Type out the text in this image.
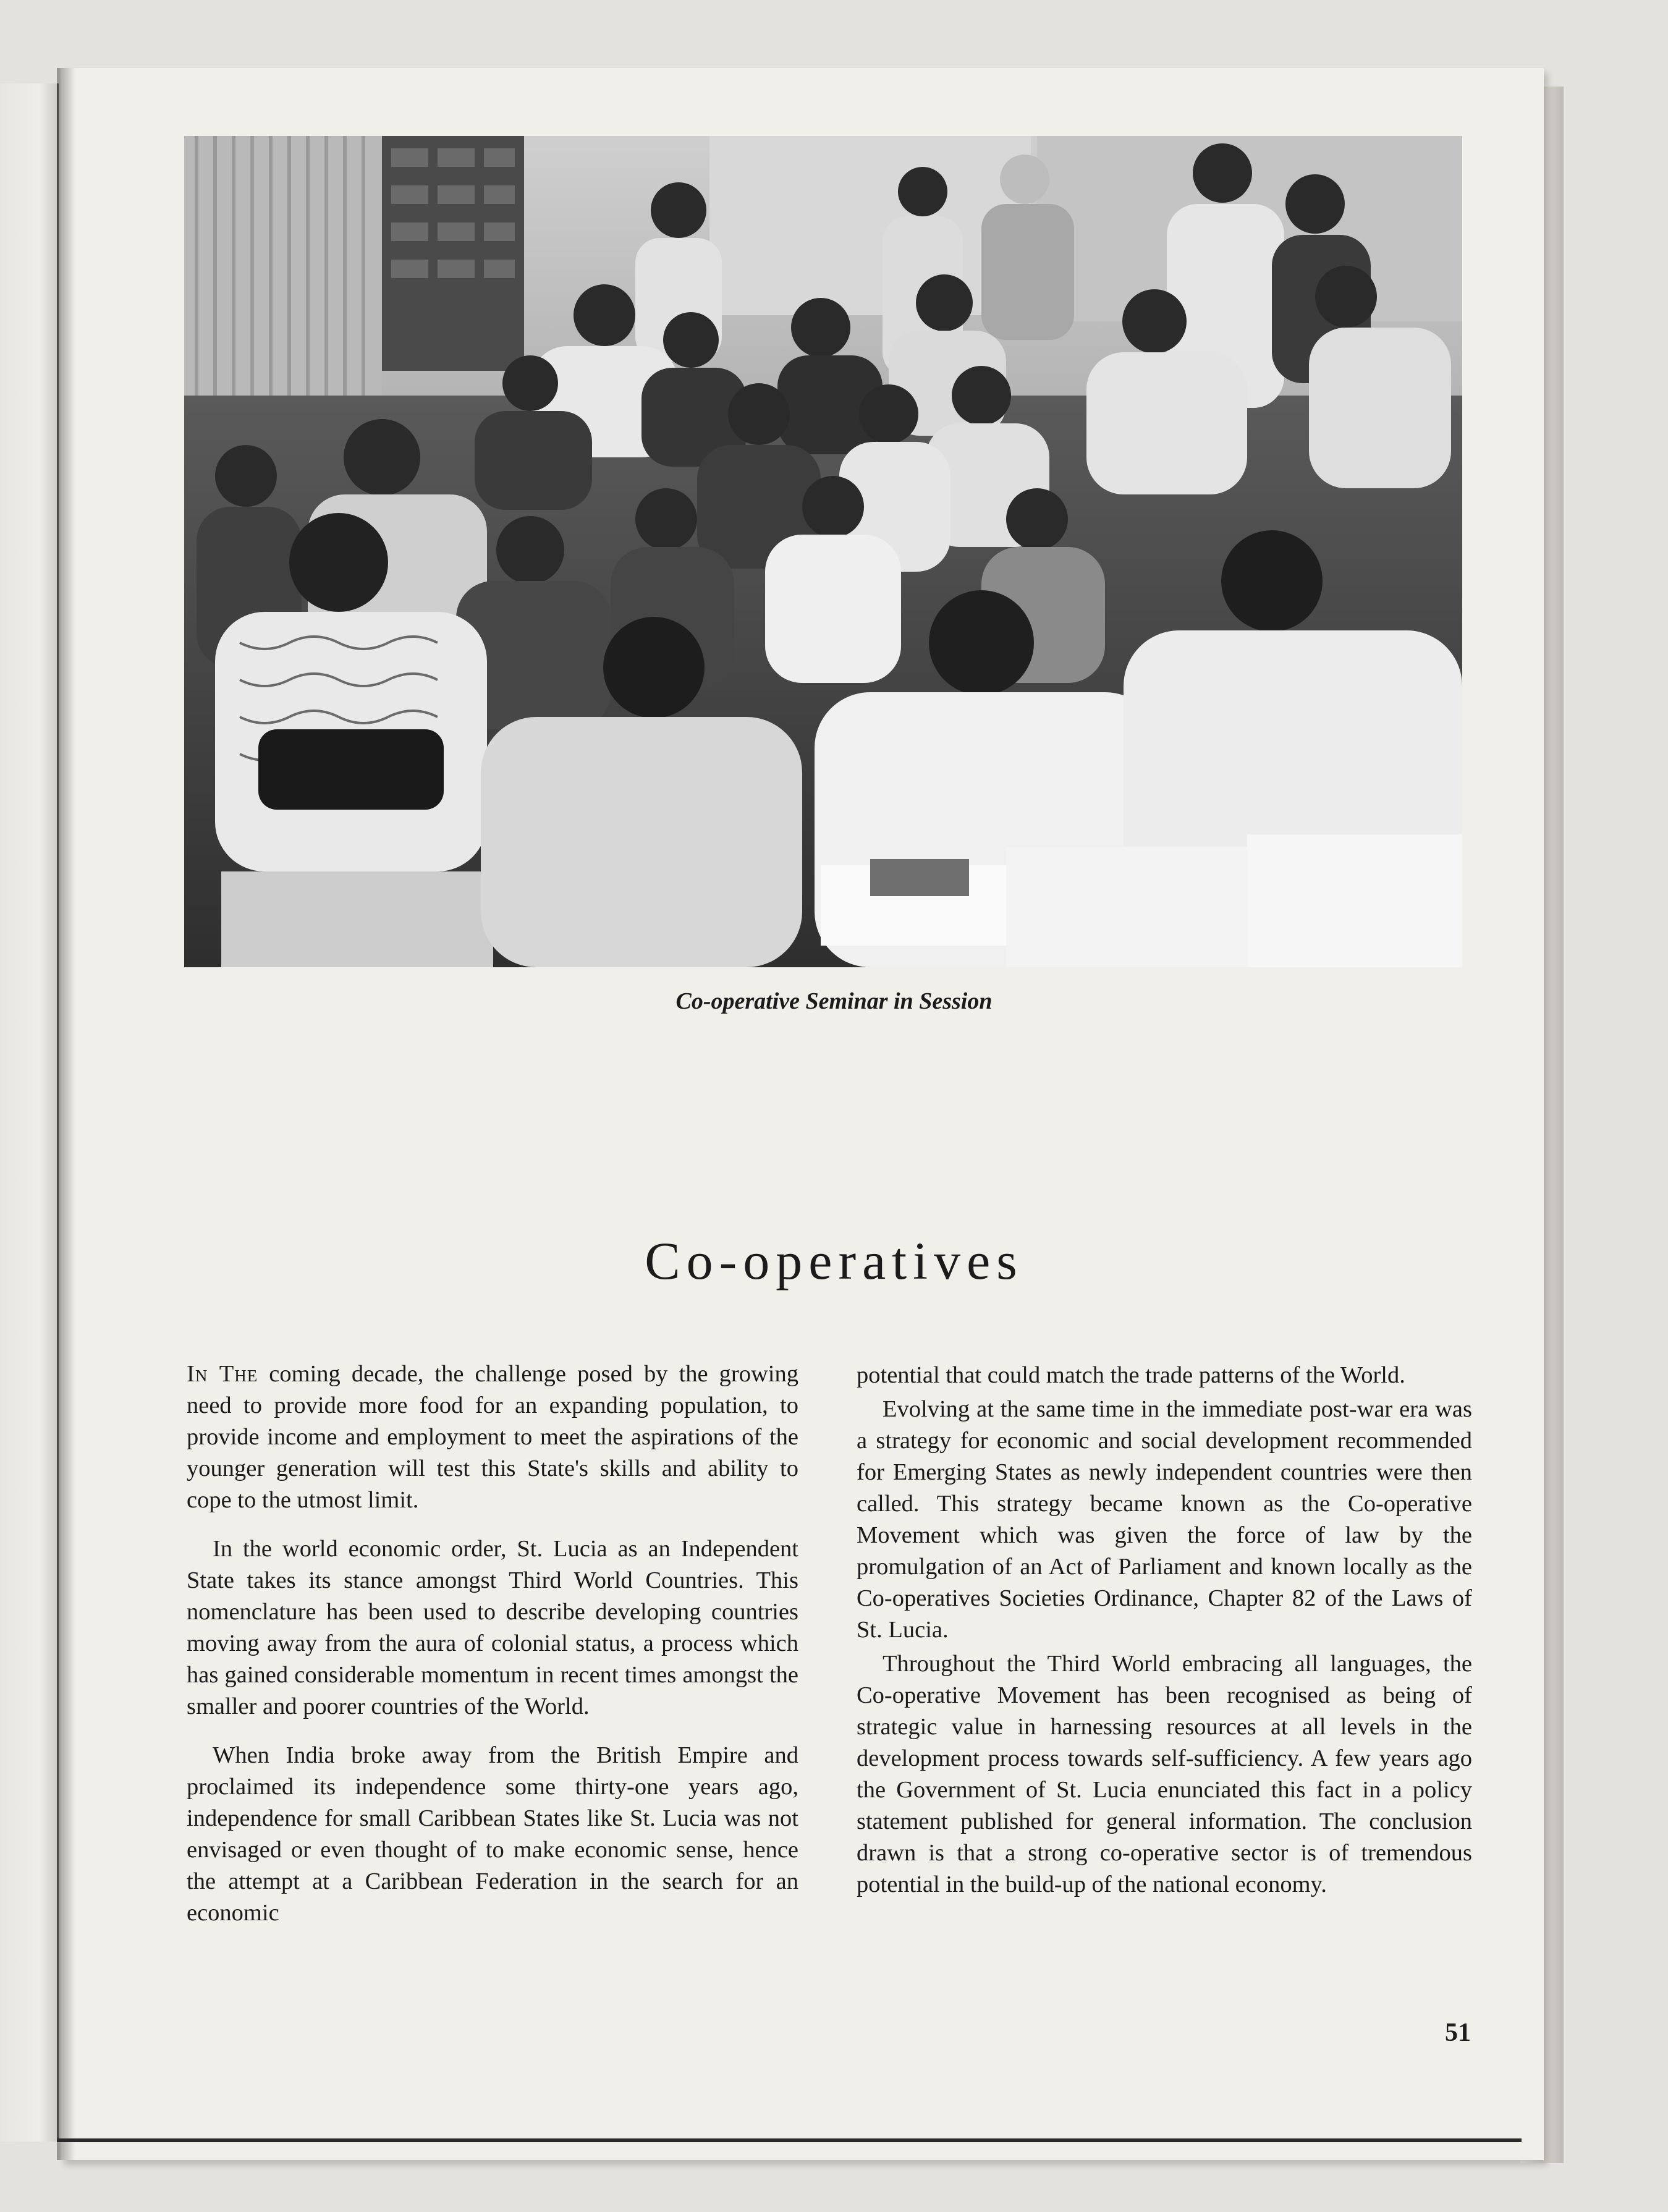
Co-operative Seminar in Session
Co-operatives

In The coming decade, the challenge posed by the growing need to provide more food for an expanding population, to provide income and employment to meet the aspirations of the younger generation will test this State's skills and ability to cope to the utmost limit.

In the world economic order, St. Lucia as an Independent State takes its stance amongst Third World Countries. This nomenclature has been used to describe developing countries moving away from the aura of colonial status, a process which has gained considerable momentum in recent times amongst the smaller and poorer countries of the World.

When India broke away from the British Empire and proclaimed its independence some thirty-one years ago, independence for small Caribbean States like St. Lucia was not envisaged or even thought of to make economic sense, hence the attempt at a Caribbean Federation in the search for an economic

potential that could match the trade patterns of the World.

Evolving at the same time in the immediate post-war era was a strategy for economic and social development recommended for Emerging States as newly independent countries were then called. This strategy became known as the Co-operative Movement which was given the force of law by the promulgation of an Act of Parliament and known locally as the Co-operatives Societies Ordinance, Chapter 82 of the Laws of St. Lucia.

Throughout the Third World embracing all languages, the Co-operative Movement has been recognised as being of strategic value in harnessing resources at all levels in the development process towards self-sufficiency. A few years ago the Government of St. Lucia enunciated this fact in a policy statement published for general information. The conclusion drawn is that a strong co-operative sector is of tremendous potential in the build-up of the national economy.

51
